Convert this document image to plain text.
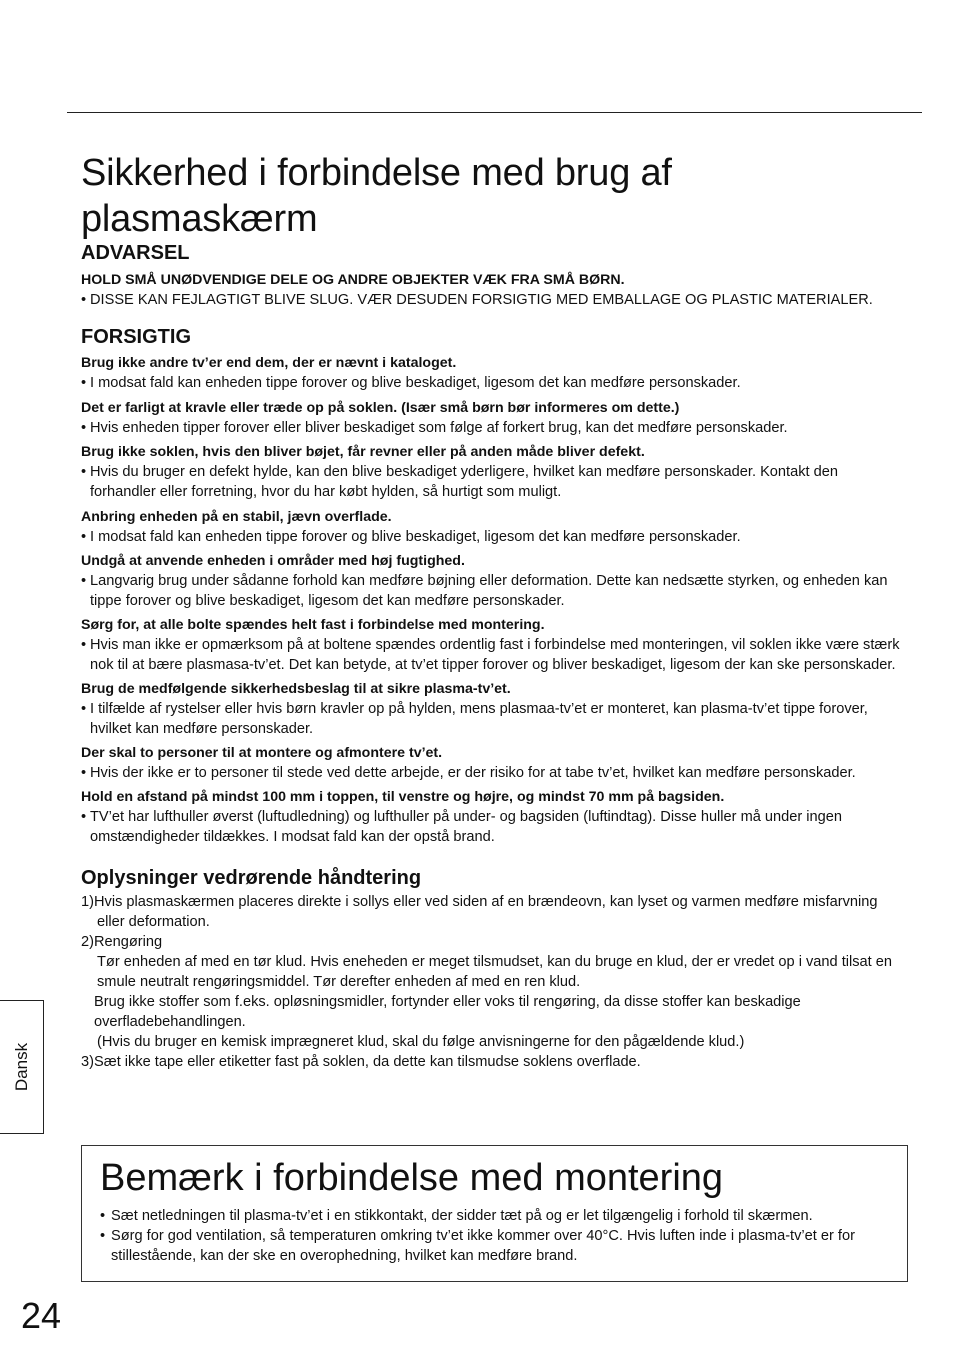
Sikkerhed i forbindelse med brug af plasmaskærm

ADVARSEL

HOLD SMÅ UNØDVENDIGE DELE OG ANDRE OBJEKTER VÆK FRA SMÅ BØRN.

• DISSE KAN FEJLAGTIGT BLIVE SLUG. VÆR DESUDEN FORSIGTIG MED EMBALLAGE OG PLASTIC MATERIALER.

FORSIGTIG

Brug ikke andre tv’er end dem, der er nævnt i kataloget.

• I modsat fald kan enheden tippe forover og blive beskadiget, ligesom det kan medføre personskader.

Det er farligt at kravle eller træde op på soklen. (Især små børn bør informeres om dette.)

• Hvis enheden tipper forover eller bliver beskadiget som følge af forkert brug, kan det medføre personskader.

Brug ikke soklen, hvis den bliver bøjet, får revner eller på anden måde bliver defekt.

• Hvis du bruger en defekt hylde, kan den blive beskadiget yderligere, hvilket kan medføre personskader. Kontakt den forhandler eller forretning, hvor du har købt hylden, så hurtigt som muligt.

Anbring enheden på en stabil, jævn overflade.

• I modsat fald kan enheden tippe forover og blive beskadiget, ligesom det kan medføre personskader.

Undgå at anvende enheden i områder med høj fugtighed.

• Langvarig brug under sådanne forhold kan medføre bøjning eller deformation. Dette kan nedsætte styrken, og enheden kan tippe forover og blive beskadiget, ligesom det kan medføre personskader.

Sørg for, at alle bolte spændes helt fast i forbindelse med montering.

• Hvis man ikke er opmærksom på at boltene spændes ordentlig fast i forbindelse med monteringen, vil soklen ikke være stærk nok til at bære plasmasa-tv’et. Det kan betyde, at tv’et tipper forover og bliver beskadiget, ligesom der kan ske personskader.

Brug de medfølgende sikkerhedsbeslag til at sikre plasma-tv’et.

• I tilfælde af rystelser eller hvis børn kravler op på hylden, mens plasmaa-tv’et er monteret, kan plasma-tv’et tippe forover, hvilket kan medføre personskader.

Der skal to personer til at montere og afmontere tv’et.

• Hvis der ikke er to personer til stede ved dette arbejde, er der risiko for at tabe tv’et, hvilket kan medføre personskader.

Hold en afstand på mindst 100 mm i toppen, til venstre og højre, og mindst 70 mm på bagsiden.

• TV’et har lufthuller øverst (luftudledning) og lufthuller på under- og bagsiden (luftindtag). Disse huller må under ingen omstændigheder tildækkes. I modsat fald kan der opstå brand.

Oplysninger vedrørende håndtering

1)Hvis plasmaskærmen placeres direkte i sollys eller ved siden af en brændeovn, kan lyset og varmen medføre misfarvning eller deformation.

2)Rengøring

Tør enheden af med en tør klud. Hvis eneheden er meget tilsmudset, kan du bruge en klud, der er vredet op i vand tilsat en smule neutralt rengøringsmiddel. Tør derefter enheden af med en ren klud.

Brug ikke stoffer som f.eks. opløsningsmidler, fortynder eller voks til rengøring, da disse stoffer kan beskadige overfladebehandlingen.

(Hvis du bruger en kemisk imprægneret klud, skal du følge anvisningerne for den pågældende klud.)

3)Sæt ikke tape eller etiketter fast på soklen, da dette kan tilsmudse soklens overflade.

Dansk
Bemærk i forbindelse med montering

• Sæt netledningen til plasma-tv’et i en stikkontakt, der sidder tæt på og er let tilgængelig i forhold til skærmen.

• Sørg for god ventilation, så temperaturen omkring tv’et ikke kommer over 40°C. Hvis luften inde i plasma-tv’et er for stillestående, kan der ske en overophedning, hvilket kan medføre brand.

24
